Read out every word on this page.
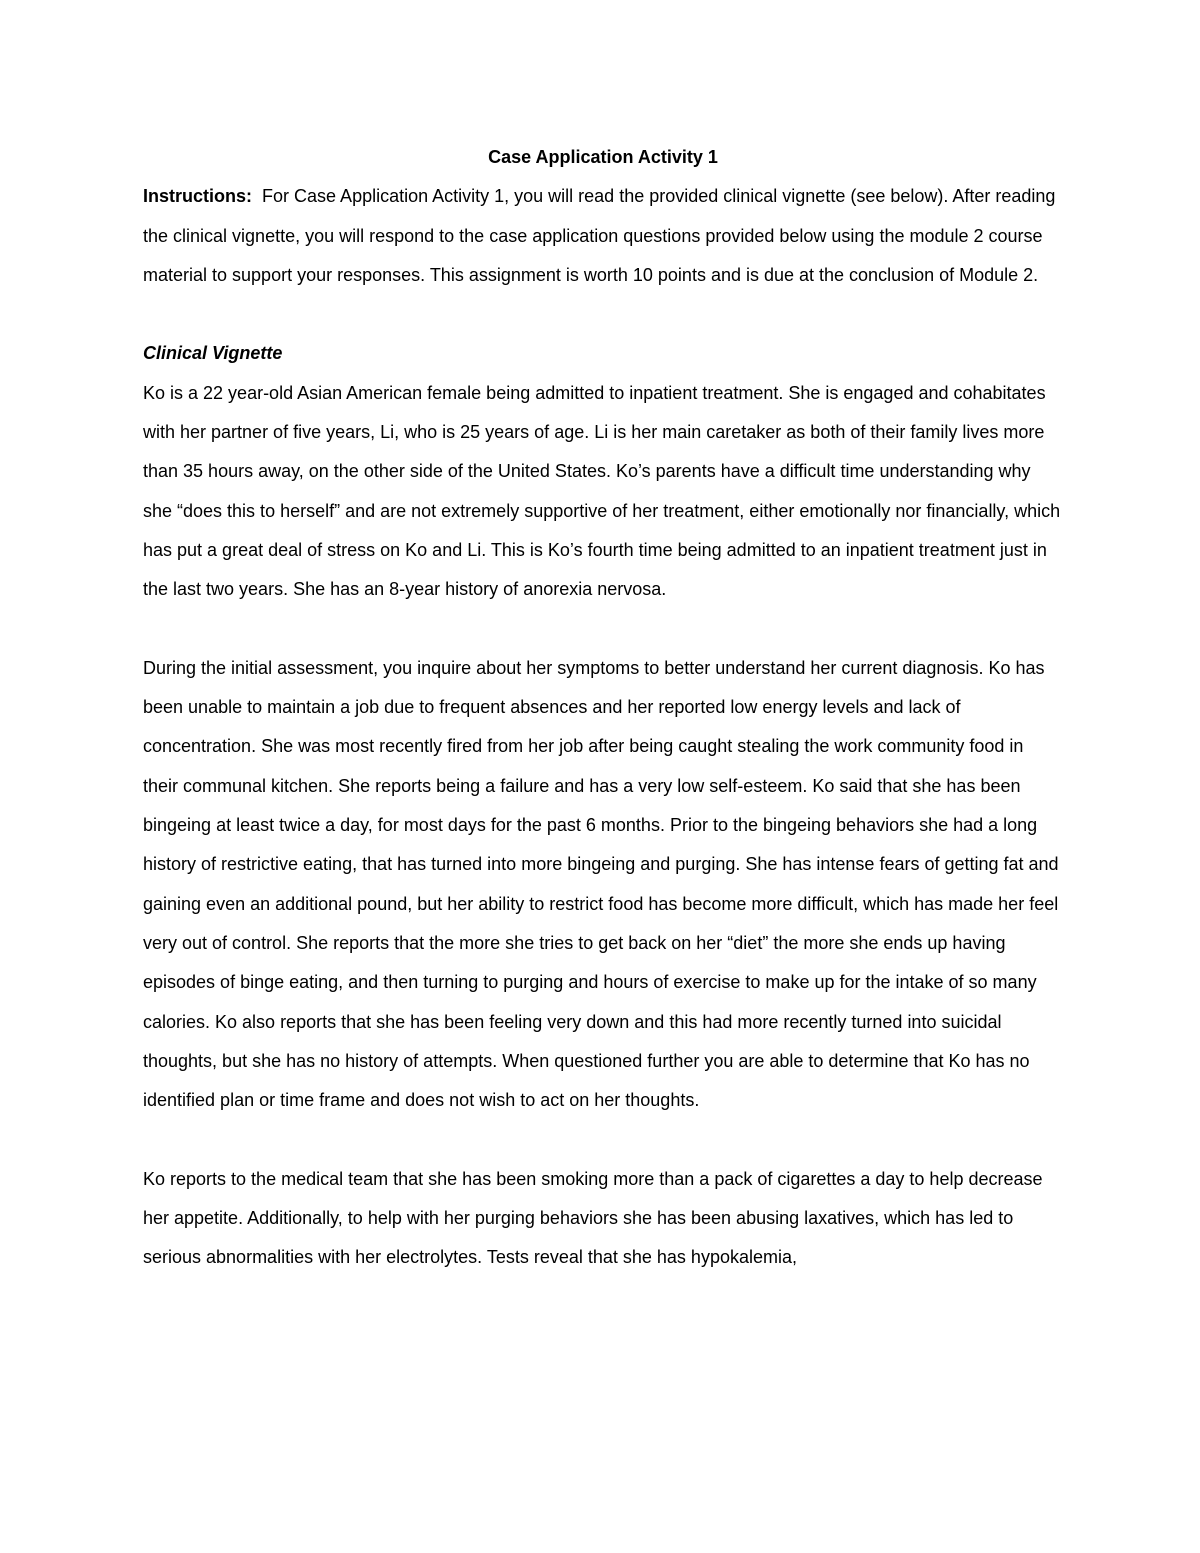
Case Application Activity 1

Instructions: For Case Application Activity 1, you will read the provided clinical vignette (see below). After reading the clinical vignette, you will respond to the case application questions provided below using the module 2 course material to support your responses. This assignment is worth 10 points and is due at the conclusion of Module 2.

Clinical Vignette

Ko is a 22 year-old Asian American female being admitted to inpatient treatment. She is engaged and cohabitates with her partner of five years, Li, who is 25 years of age. Li is her main caretaker as both of their family lives more than 35 hours away, on the other side of the United States. Ko’s parents have a difficult time understanding why she “does this to herself” and are not extremely supportive of her treatment, either emotionally nor financially, which has put a great deal of stress on Ko and Li. This is Ko’s fourth time being admitted to an inpatient treatment just in the last two years. She has an 8-year history of anorexia nervosa.

During the initial assessment, you inquire about her symptoms to better understand her current diagnosis. Ko has been unable to maintain a job due to frequent absences and her reported low energy levels and lack of concentration. She was most recently fired from her job after being caught stealing the work community food in their communal kitchen. She reports being a failure and has a very low self-esteem. Ko said that she has been bingeing at least twice a day, for most days for the past 6 months. Prior to the bingeing behaviors she had a long history of restrictive eating, that has turned into more bingeing and purging. She has intense fears of getting fat and gaining even an additional pound, but her ability to restrict food has become more difficult, which has made her feel very out of control. She reports that the more she tries to get back on her “diet” the more she ends up having episodes of binge eating, and then turning to purging and hours of exercise to make up for the intake of so many calories. Ko also reports that she has been feeling very down and this had more recently turned into suicidal thoughts, but she has no history of attempts. When questioned further you are able to determine that Ko has no identified plan or time frame and does not wish to act on her thoughts.

Ko reports to the medical team that she has been smoking more than a pack of cigarettes a day to help decrease her appetite. Additionally, to help with her purging behaviors she has been abusing laxatives, which has led to serious abnormalities with her electrolytes. Tests reveal that she has hypokalemia,
